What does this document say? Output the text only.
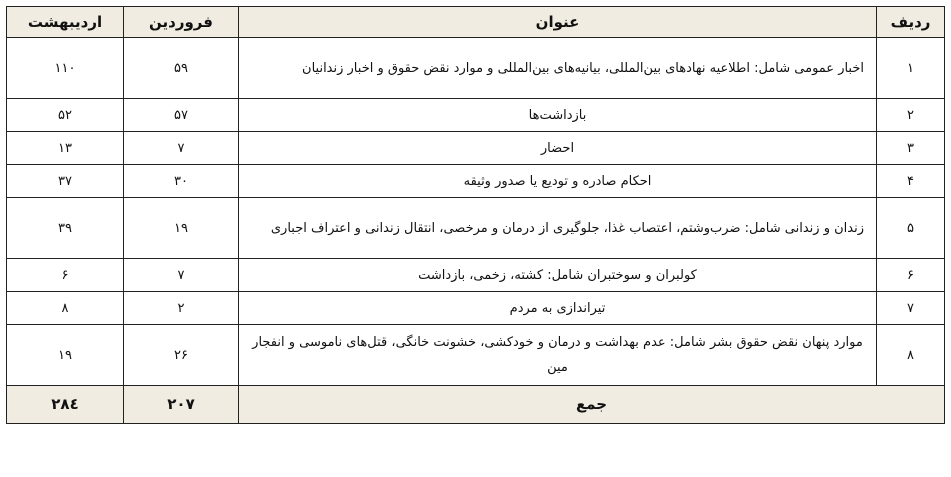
ردیف	عنوان	فروردین	اردیبهشت
۱	اخبار عمومی شامل: اطلاعیه نهادهای بین‌المللی، بیانیه‌های بین‌المللی و موارد نقض حقوق و اخبار زندانیان	۵۹	۱۱۰
۲	بازداشت‌ها	۵۷	۵۲
۳	احضار	۷	۱۳
۴	احکام صادره و تودیع یا صدور وثیقه	۳۰	۳۷
۵	زندان و زندانی شامل: ضرب‌وشتم، اعتصاب غذا، جلوگیری از درمان و مرخصی، انتقال زندانی و اعتراف اجباری	۱۹	۳۹
۶	کولبران و سوختبران شامل: کشته، زخمی، بازداشت	۷	۶
۷	تیراندازی به مردم	۲	۸
۸	موارد پنهان نقض حقوق بشر شامل: عدم بهداشت و درمان و خودکشی، خشونت خانگی، قتل‌های ناموسی و انفجار مین	۲۶	۱۹
جمع		۲۰۷	۲۸٤
